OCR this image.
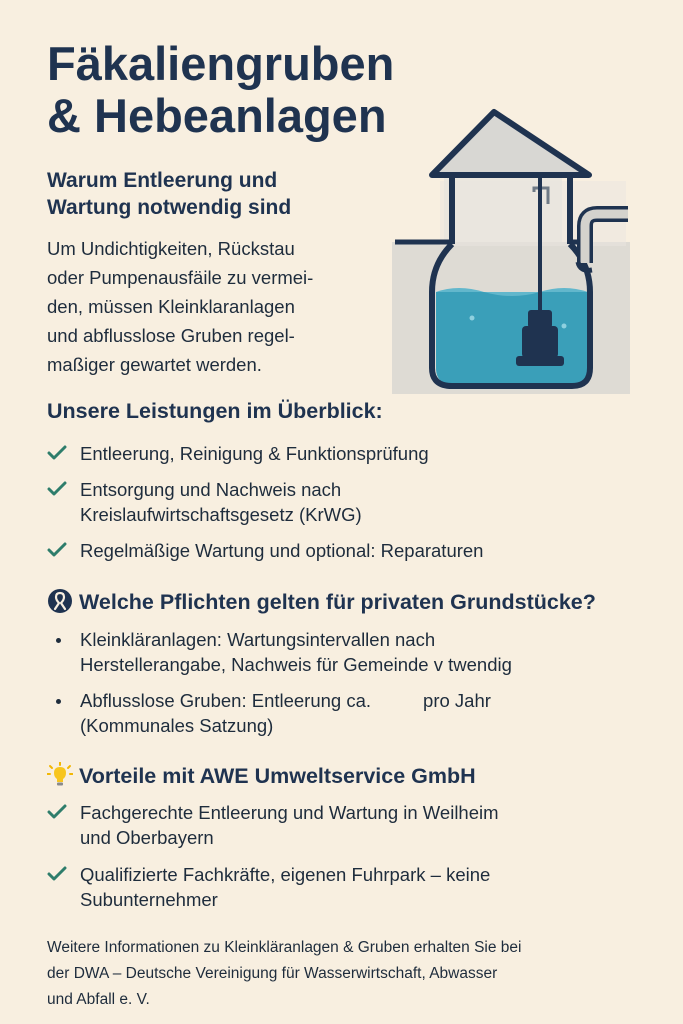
Fäkaliengruben
& Hebeanlagen
Warum Entleerung und
Wartung notwendig sind

Um Undichtigkeiten, Rückstau
oder Pumpenausfäile zu vermei-
den, müssen Kleinklaranlagen
und abflusslose Gruben regel-
maßiger gewartet werden.

Unsere Leistungen im Überblick:
Entleerung, Reinigung & Funktionsprüfung
Entsorgung und Nachweis nach
Kreislaufwirtschaftsgesetz (KrWG)
Regelmäßige Wartung und optional: Reparaturen
Welche Pflichten gelten für privaten Grundstücke?
Kleinkläranlagen: Wartungsintervallen nach
Herstellerangabe, Nachweis für Gemeinde v twendig
Abflusslose Gruben: Entleerung ca.	pro Jahr
(Kommunales Satzung)
Vorteile mit AWE Umweltservice GmbH
Fachgerechte Entleerung und Wartung in Weilheim
und Oberbayern
Qualifizierte Fachkräfte, eigenen Fuhrpark – keine
Subunternehmer

Weitere Informationen zu Kleinkläranlagen & Gruben erhalten Sie bei
der DWA – Deutsche Vereinigung für Wasserwirtschaft, Abwasser
und Abfall e. V.
